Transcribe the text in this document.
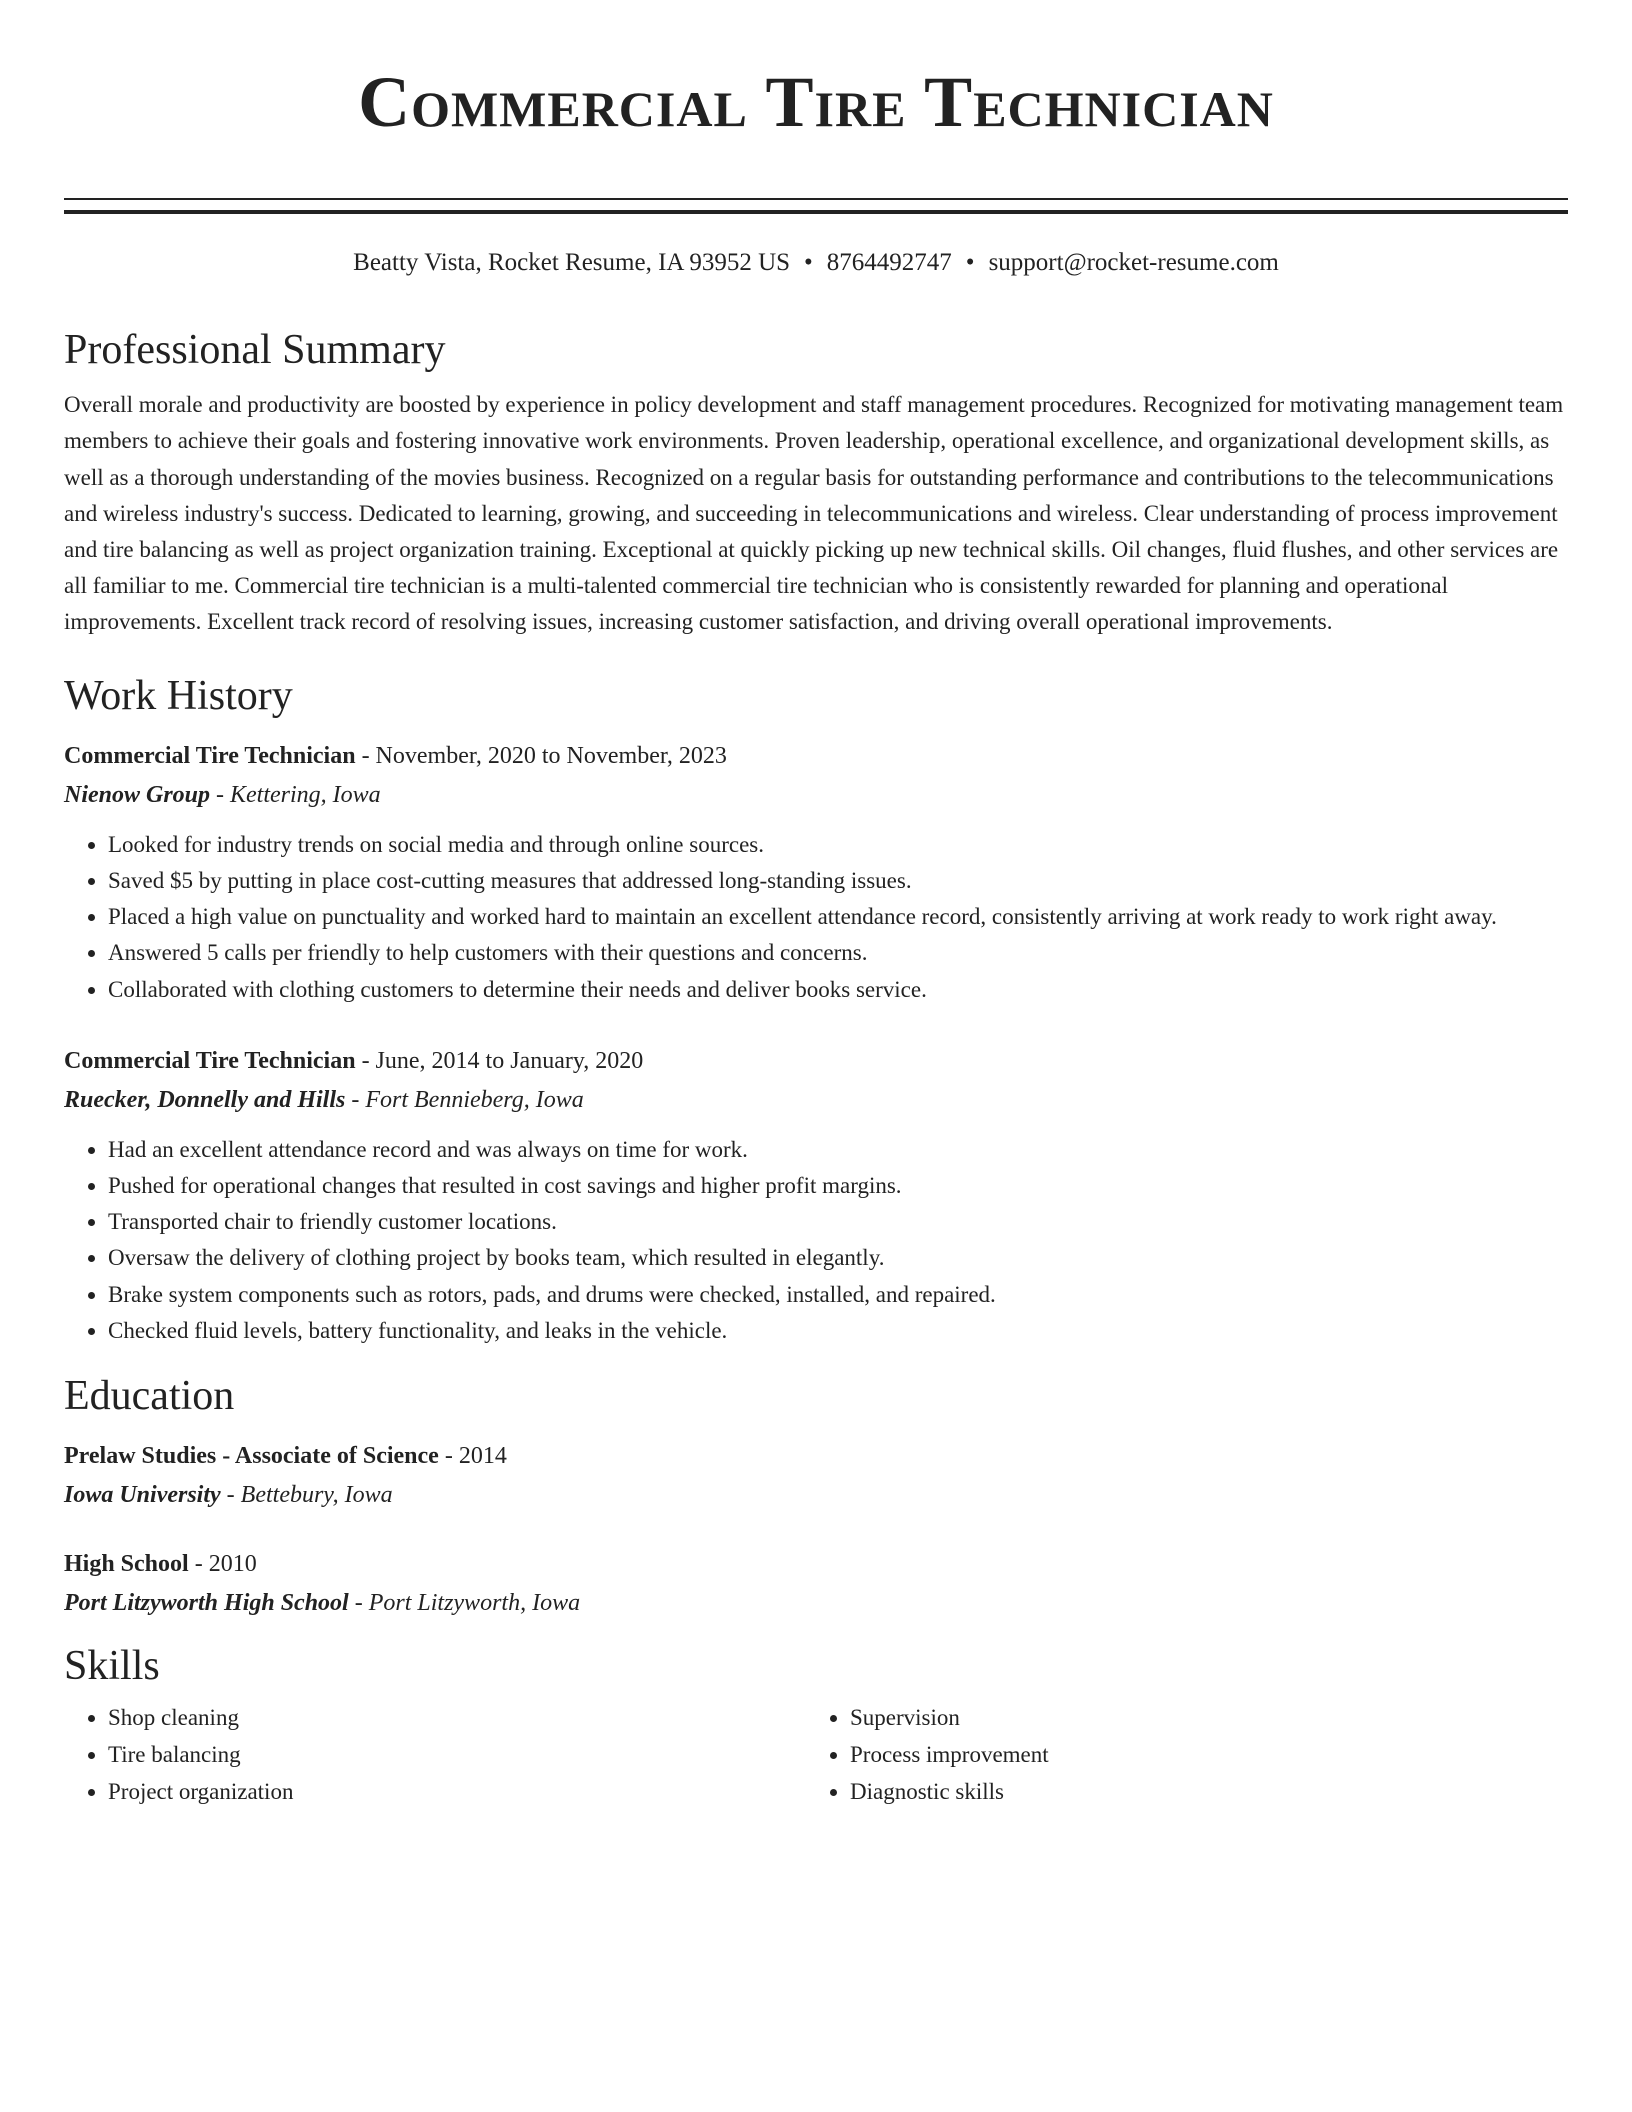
Commercial Tire Technician
Beatty Vista, Rocket Resume, IA 93952 US • 8764492747 • support@rocket-resume.com
Professional Summary

Overall morale and productivity are boosted by experience in policy development and staff management procedures. Recognized for motivating management team members to achieve their goals and fostering innovative work environments. Proven leadership, operational excellence, and organizational development skills, as well as a thorough understanding of the movies business. Recognized on a regular basis for outstanding performance and contributions to the telecommunications and wireless industry's success. Dedicated to learning, growing, and succeeding in telecommunications and wireless. Clear understanding of process improvement and tire balancing as well as project organization training. Exceptional at quickly picking up new technical skills. Oil changes, fluid flushes, and other services are all familiar to me. Commercial tire technician is a multi-talented commercial tire technician who is consistently rewarded for planning and operational improvements. Excellent track record of resolving issues, increasing customer satisfaction, and driving overall operational improvements.

Work History

Commercial Tire Technician - November, 2020 to November, 2023

Nienow Group - Kettering, Iowa

• Looked for industry trends on social media and through online sources.
• Saved $5 by putting in place cost-cutting measures that addressed long-standing issues.
• Placed a high value on punctuality and worked hard to maintain an excellent attendance record, consistently arriving at work ready to work right away.
• Answered 5 calls per friendly to help customers with their questions and concerns.
• Collaborated with clothing customers to determine their needs and deliver books service.

Commercial Tire Technician - June, 2014 to January, 2020

Ruecker, Donnelly and Hills - Fort Bennieberg, Iowa

• Had an excellent attendance record and was always on time for work.
• Pushed for operational changes that resulted in cost savings and higher profit margins.
• Transported chair to friendly customer locations.
• Oversaw the delivery of clothing project by books team, which resulted in elegantly.
• Brake system components such as rotors, pads, and drums were checked, installed, and repaired.
• Checked fluid levels, battery functionality, and leaks in the vehicle.
Education

Prelaw Studies - Associate of Science - 2014

Iowa University - Bettebury, Iowa

High School - 2010

Port Litzyworth High School - Port Litzyworth, Iowa

Skills
• Shop cleaning
• Tire balancing
• Project organization
• Supervision
• Process improvement
• Diagnostic skills
